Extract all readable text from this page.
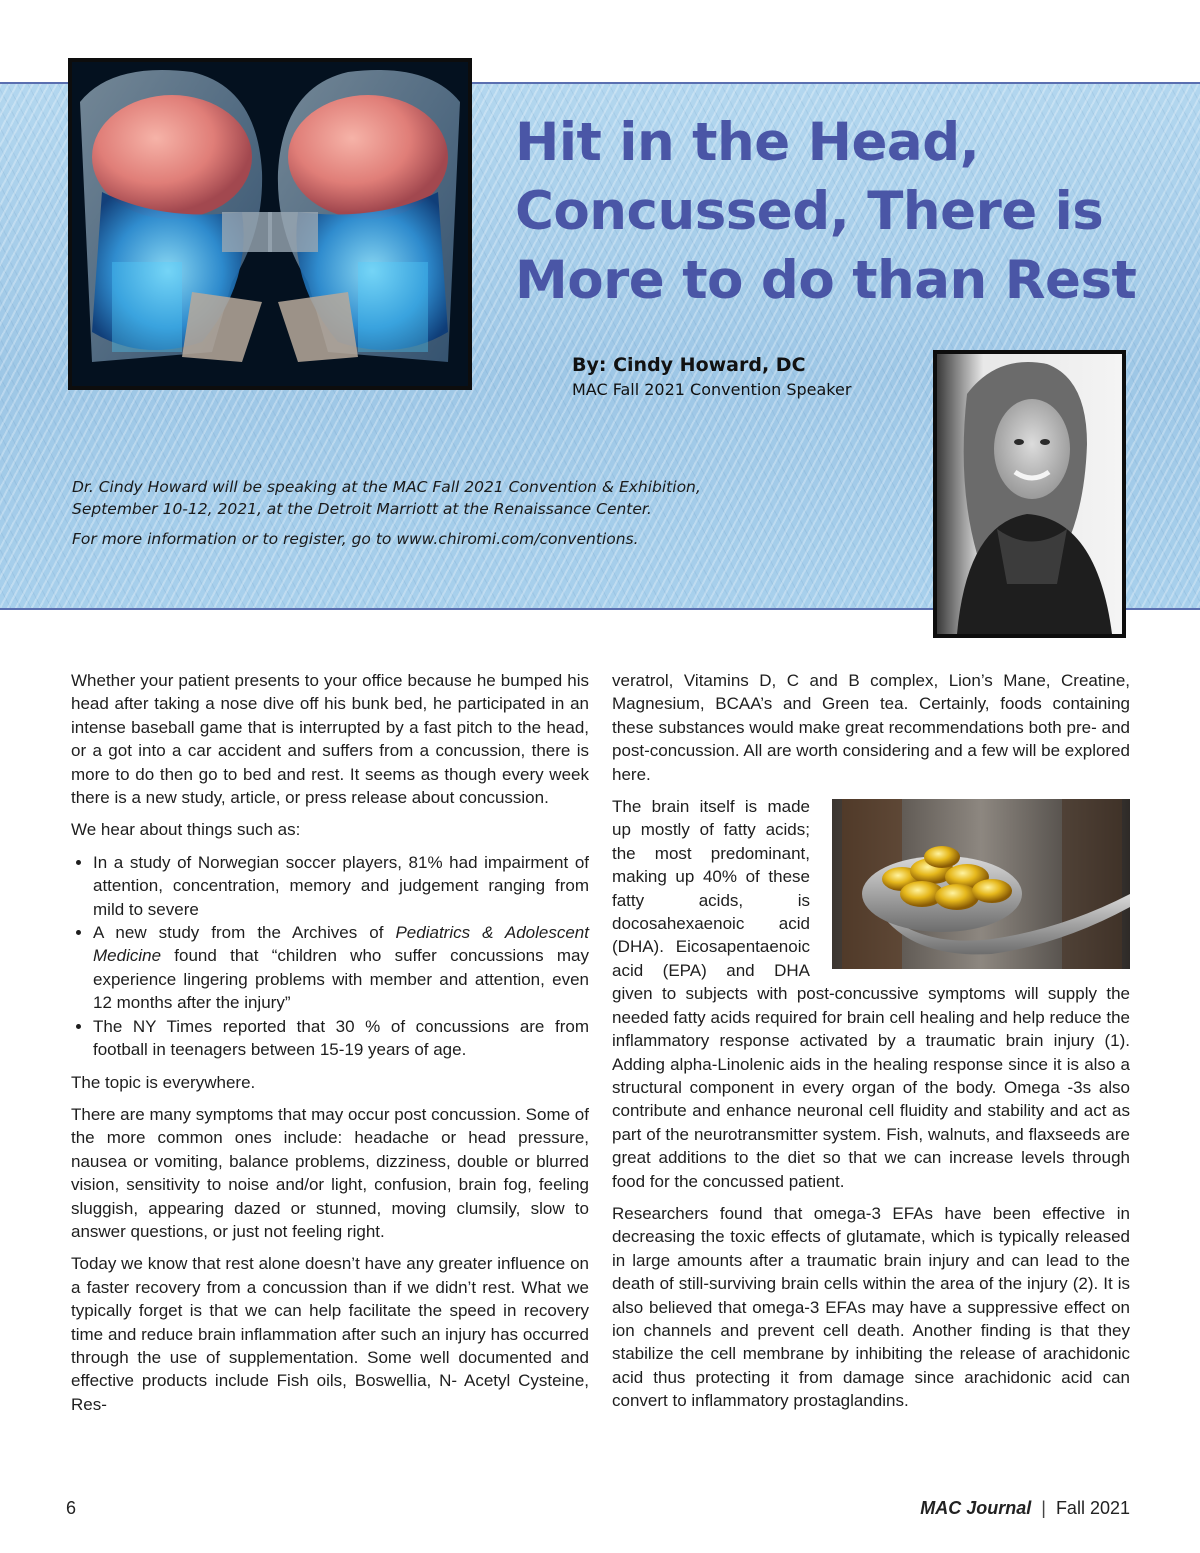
Hit in the Head, Concussed, There is More to do than Rest
By: Cindy Howard, DC
MAC Fall 2021 Convention Speaker

Dr. Cindy Howard will be speaking at the MAC Fall 2021 Convention & Exhibition, September 10-12, 2021, at the Detroit Marriott at the Renaissance Center.

For more information or to register, go to www.chiromi.com/conventions.

Whether your patient presents to your office because he bumped his head after taking a nose dive off his bunk bed, he participated in an intense baseball game that is interrupted by a fast pitch to the head, or a got into a car accident and suffers from a concussion, there is more to do then go to bed and rest. It seems as though every week there is a new study, article, or press release about concussion.

We hear about things such as:

• In a study of Norwegian soccer players, 81% had impairment of attention, concentration, memory and judgement ranging from mild to severe
• A new study from the Archives of Pediatrics & Adolescent Medicine found that “children who suffer concussions may experience lingering problems with member and attention, even 12 months after the injury”
• The NY Times reported that 30 % of concussions are from football in teenagers between 15-19 years of age.

The topic is everywhere.

There are many symptoms that may occur post concussion. Some of the more common ones include: headache or head pressure, nausea or vomiting, balance problems, dizziness, double or blurred vision, sensitivity to noise and/or light, confusion, brain fog, feeling sluggish, appearing dazed or stunned, moving clumsily, slow to answer questions, or just not feeling right.

Today we know that rest alone doesn’t have any greater influence on a faster recovery from a concussion than if we didn’t rest. What we typically forget is that we can help facilitate the speed in recovery time and reduce brain inflammation after such an injury has occurred through the use of supplementation. Some well documented and effective products include Fish oils, Boswellia, N- Acetyl Cysteine, Res-

veratrol, Vitamins D, C and B complex, Lion’s Mane, Creatine, Magnesium, BCAA’s and Green tea. Certainly, foods containing these substances would make great recommendations both pre- and post-concussion. All are worth considering and a few will be explored here.

The brain itself is made up mostly of fatty acids; the most predominant, making up 40% of these fatty acids, is docosahexaenoic acid (DHA). Eicosapentaenoic acid (EPA) and DHA given to subjects with post-concussive symptoms will supply the needed fatty acids required for brain cell healing and help reduce the inflammatory response activated by a traumatic brain injury (1). Adding alpha-Linolenic aids in the healing response since it is also a structural component in every organ of the body. Omega -3s also contribute and enhance neuronal cell fluidity and stability and act as part of the neurotransmitter system. Fish, walnuts, and flaxseeds are great additions to the diet so that we can increase levels through food for the concussed patient.

Researchers found that omega-3 EFAs have been effective in decreasing the toxic effects of glutamate, which is typically released in large amounts after a traumatic brain injury and can lead to the death of still-surviving brain cells within the area of the injury (2). It is also believed that omega-3 EFAs may have a suppressive effect on ion channels and prevent cell death. Another finding is that they stabilize the cell membrane by inhibiting the release of arachidonic acid thus protecting it from damage since arachidonic acid can convert to inflammatory prostaglandins.

6	MAC Journal | Fall 2021
